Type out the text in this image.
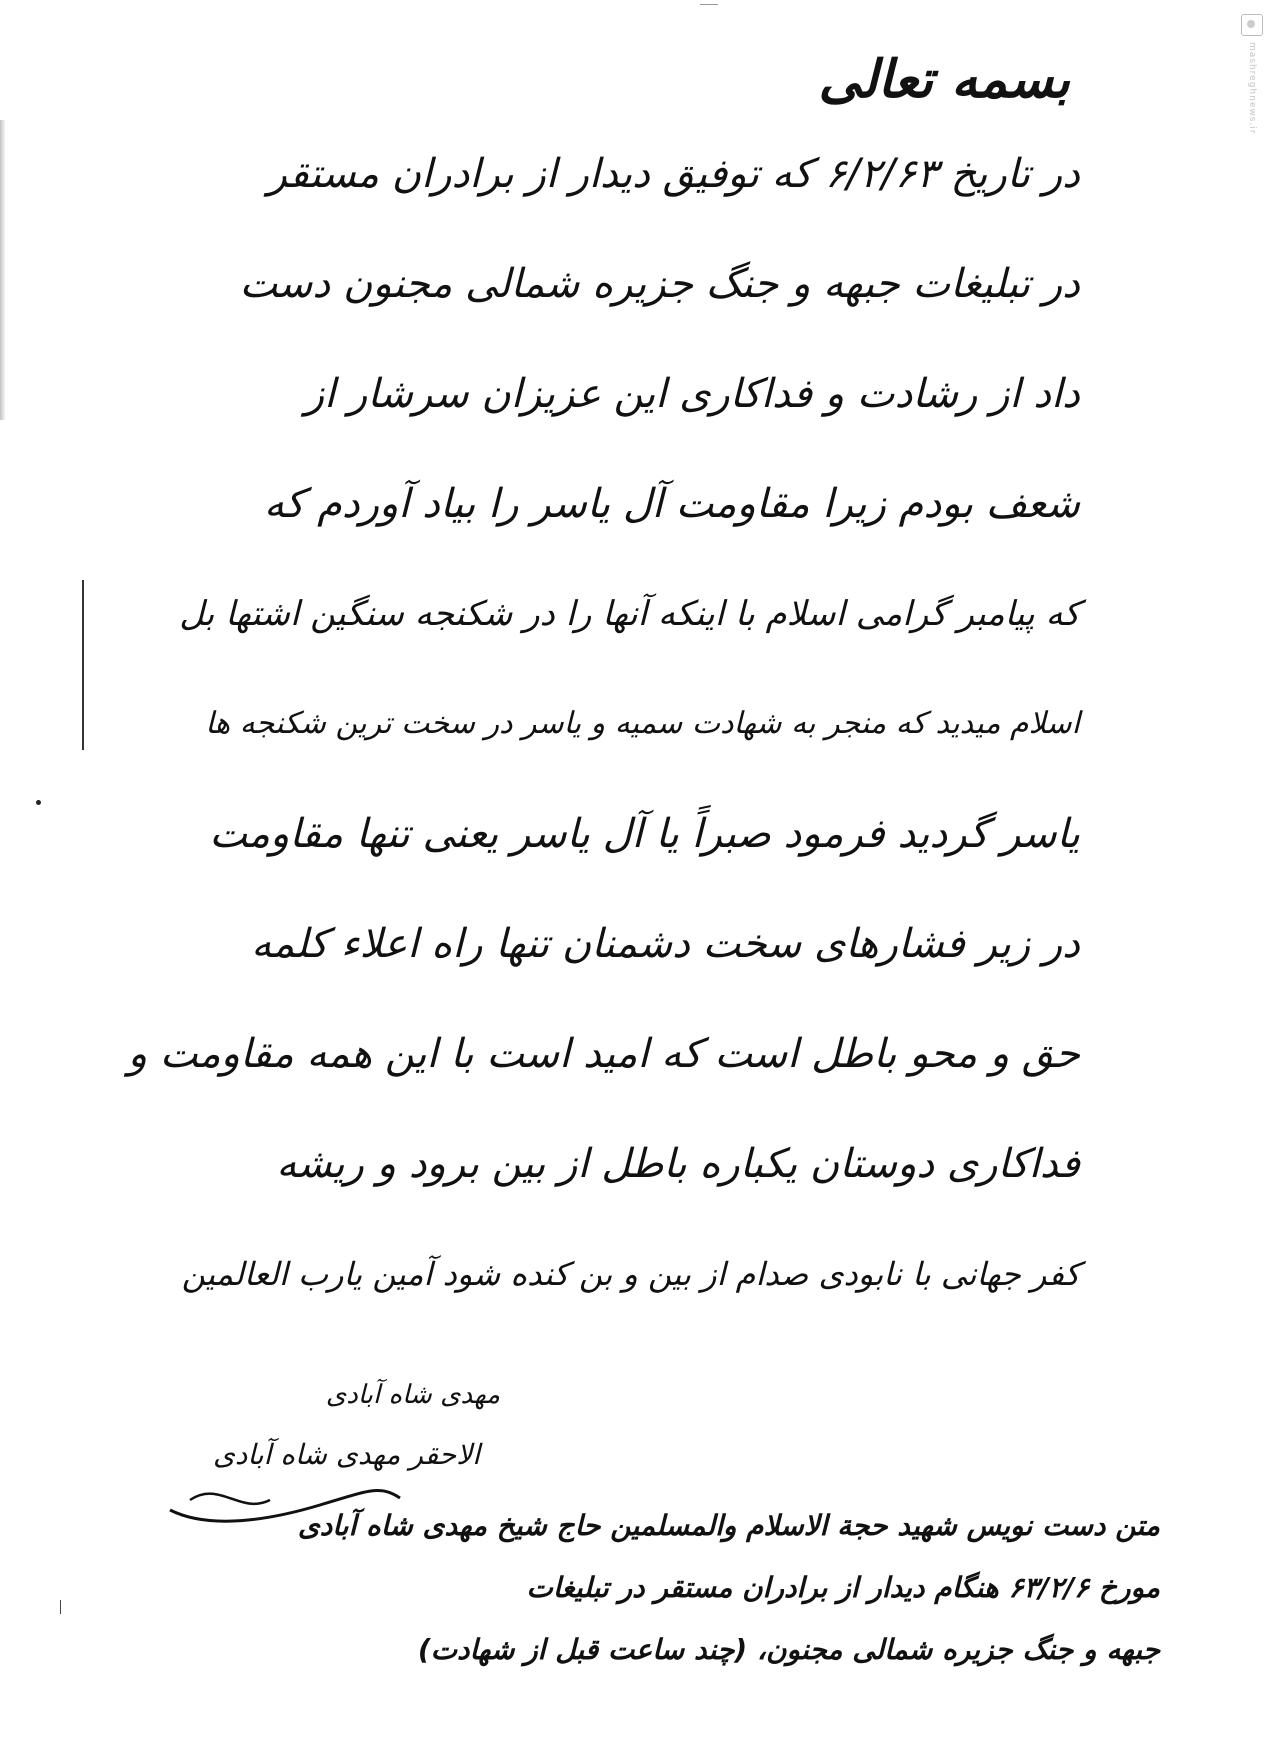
mashreghnews.ir
بسمه تعالی
در تاریخ ۶/۲/۶۳ که توفیق دیدار از برادران مستقر
در تبلیغات جبهه و جنگ جزیره شمالی مجنون دست
داد از رشادت و فداکاری این عزیزان سرشار از
شعف بودم زیرا مقاومت آل یاسر را بیاد آوردم که
که پیامبر گرامی اسلام با اینکه آنها را در شکنجه سنگین اشتها بل
اسلام میدید که منجر به شهادت سمیه و یاسر در سخت ترین شکنجه ها
یاسر گردید فرمود صبراً یا آل یاسر یعنی تنها مقاومت
در زیر فشارهای سخت دشمنان تنها راه اعلاء کلمه
حق و محو باطل است که امید است با این همه مقاومت و
فداکاری دوستان یکباره باطل از بین برود و ریشه
کفر جهانی با نابودی صدام از بین و بن کنده شود آمین یارب العالمین
مهدی شاه آبادی
الاحقر مهدی شاه آبادی
متن دست نویس شهید حجة الاسلام والمسلمین حاج شیخ مهدی شاه آبادی
مورخ ۶۳/۲/۶ هنگام دیدار از برادران مستقر در تبلیغات
جبهه و جنگ جزیره شمالی مجنون، (چند ساعت قبل از شهادت)
